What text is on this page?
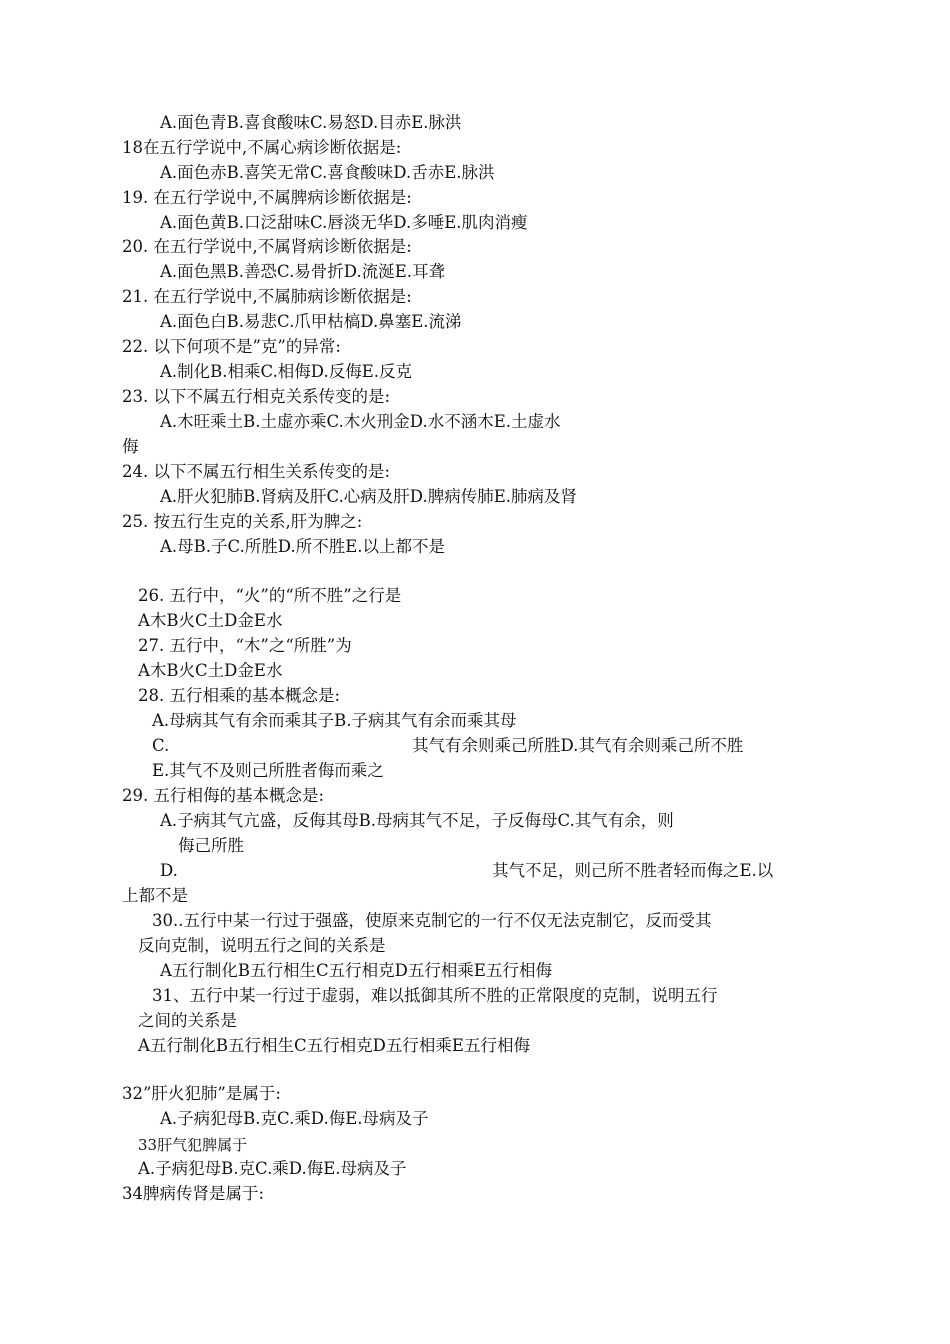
A.面色青B.喜食酸味C.易怒D.目赤E.脉洪
18在五行学说中,不属心病诊断依据是:
A.面色赤B.喜笑无常C.喜食酸味D.舌赤E.脉洪
19. 在五行学说中,不属脾病诊断依据是:
A.面色黄B.口泛甜味C.唇淡无华D.多唾E.肌肉消瘦
20. 在五行学说中,不属肾病诊断依据是:
A.面色黑B.善恐C.易骨折D.流涎E.耳聋
21. 在五行学说中,不属肺病诊断依据是:
A.面色白B.易悲C.爪甲枯槁D.鼻塞E.流涕
22. 以下何项不是”克”的异常:
A.制化B.相乘C.相侮D.反侮E.反克
23. 以下不属五行相克关系传变的是:
A.木旺乘土B.土虚亦乘C.木火刑金D.水不涵木E.土虚水
侮
24. 以下不属五行相生关系传变的是:
A.肝火犯肺B.肾病及肝C.心病及肝D.脾病传肺E.肺病及肾
25. 按五行生克的关系,肝为脾之:
A.母B.子C.所胜D.所不胜E.以上都不是
26. 五行中，“火”的“所不胜”之行是
A木B火C土D金E水
27. 五行中，“木”之“所胜”为
A木B火C土D金E水
28. 五行相乘的基本概念是:
A.母病其气有余而乘其子B.子病其气有余而乘其母
C.	其气有余则乘己所胜D.其气有余则乘己所不胜
E.其气不及则己所胜者侮而乘之
29. 五行相侮的基本概念是:
A.子病其气亢盛，反侮其母B.母病其气不足，子反侮母C.其气有余，则
侮己所胜
D.	其气不足，则己所不胜者轻而侮之E.以
上都不是
30..五行中某一行过于强盛，使原来克制它的一行不仅无法克制它，反而受其
反向克制，说明五行之间的关系是
A五行制化B五行相生C五行相克D五行相乘E五行相侮
31、五行中某一行过于虚弱，难以抵御其所不胜的正常限度的克制，说明五行
之间的关系是
A五行制化B五行相生C五行相克D五行相乘E五行相侮
32”肝火犯肺”是属于:
A.子病犯母B.克C.乘D.侮E.母病及子
33肝气犯脾属于
A.子病犯母B.克C.乘D.侮E.母病及子
34脾病传肾是属于:
